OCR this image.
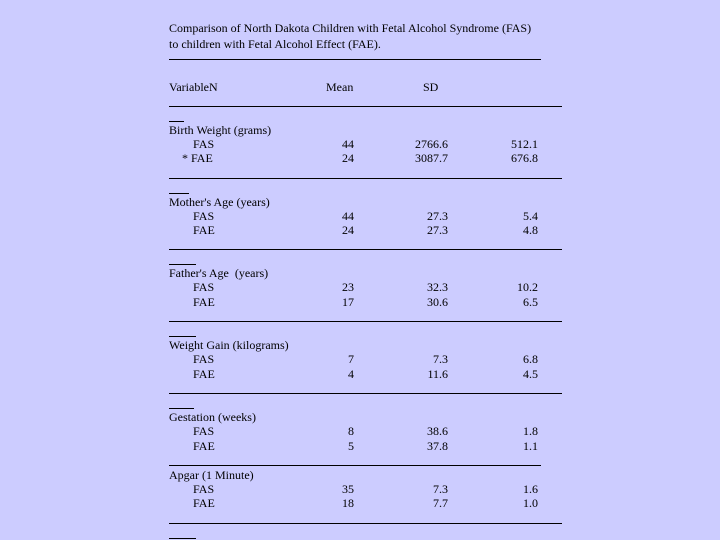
Comparison of North Dakota Children with Fetal Alcohol Syndrome (FAS)
to children with Fetal Alcohol Effect (FAE).
VariableN	Mean	SD
Birth Weight (grams)
FAS	44	2766.6	512.1
* FAE	24	3087.7	676.8
Mother's Age (years)
FAS	44	27.3	5.4
FAE	24	27.3	4.8
Father's Age  (years)
FAS	23	32.3	10.2
FAE	17	30.6	6.5
Weight Gain (kilograms)
FAS	7	7.3	6.8
FAE	4	11.6	4.5
Gestation (weeks)
FAS	8	38.6	1.8
FAE	5	37.8	1.1
Apgar (1 Minute)
FAS	35	7.3	1.6
FAE	18	7.7	1.0
